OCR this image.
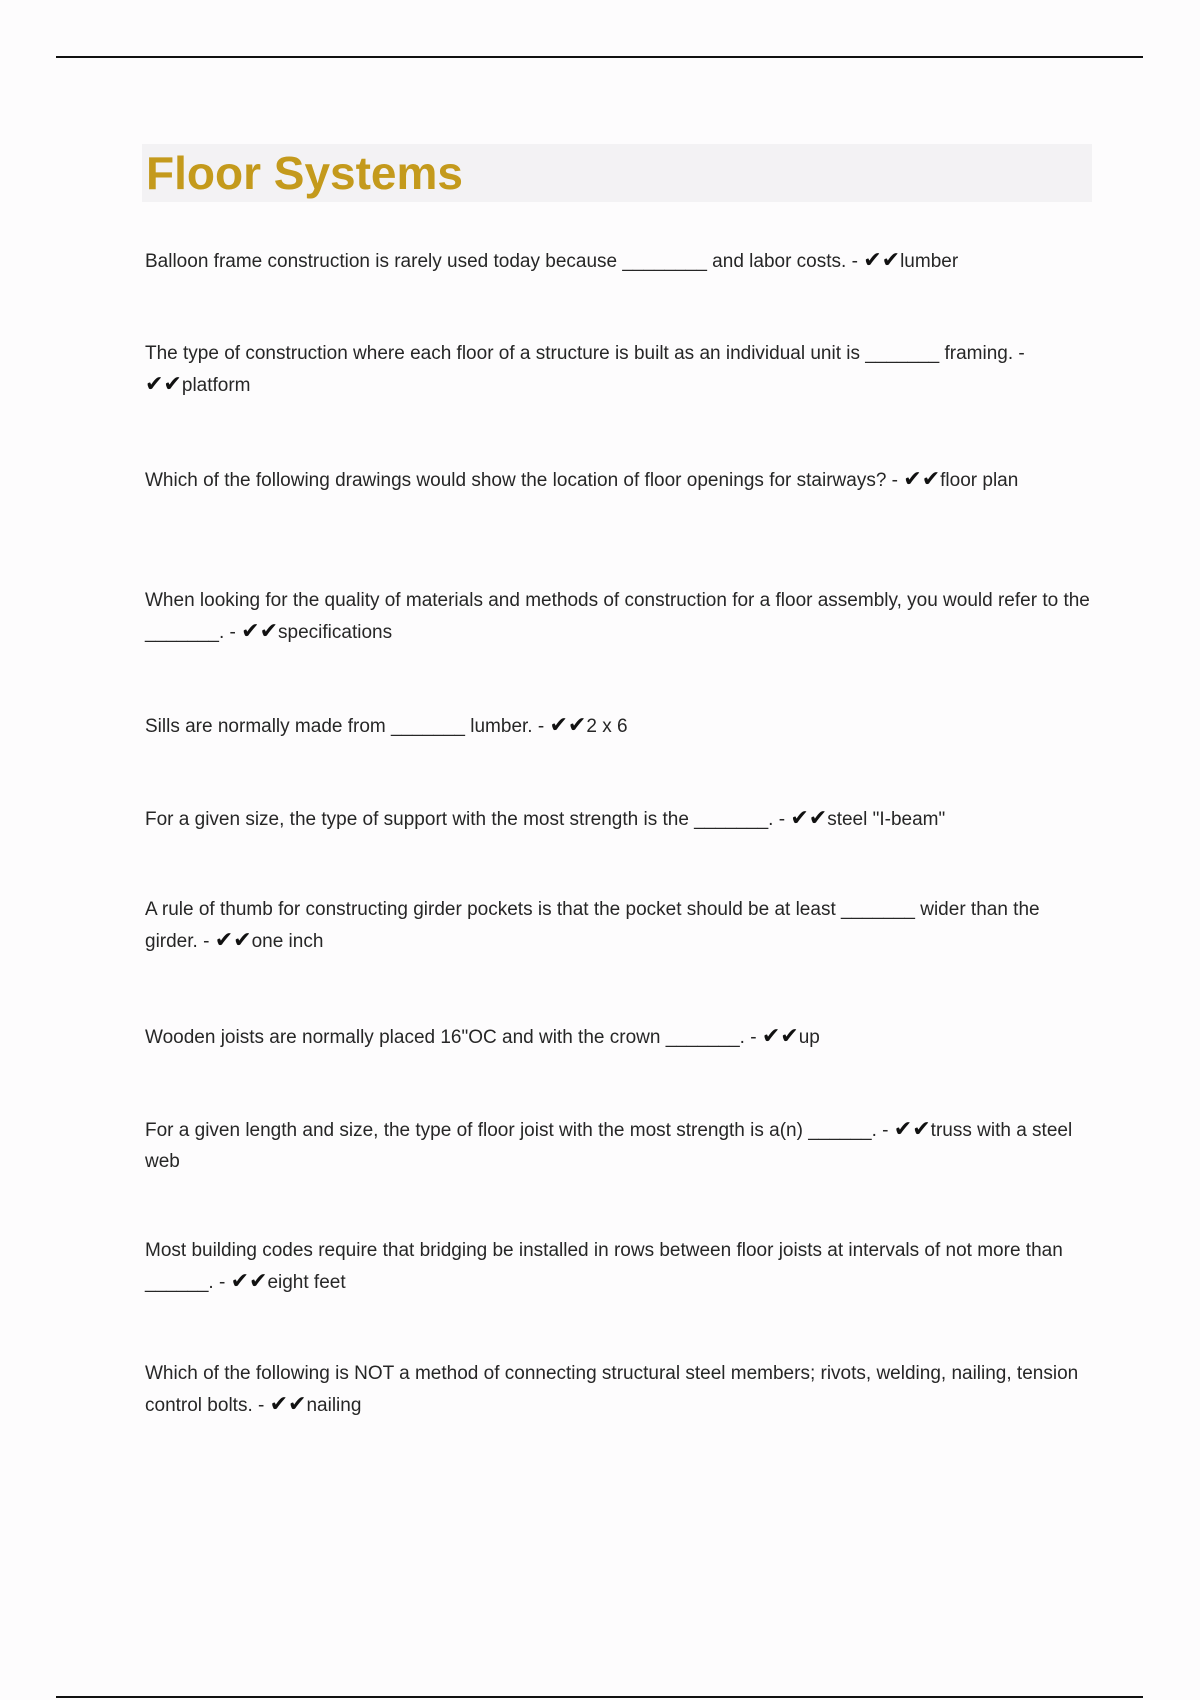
Floor Systems

Balloon frame construction is rarely used today because ________ and labor costs. - ✔✔lumber

The type of construction where each floor of a structure is built as an individual unit is _______ framing. - ✔✔platform

Which of the following drawings would show the location of floor openings for stairways? - ✔✔floor plan

When looking for the quality of materials and methods of construction for a floor assembly, you would refer to the _______. - ✔✔specifications

Sills are normally made from _______ lumber. - ✔✔2 x 6

For a given size, the type of support with the most strength is the _______. - ✔✔steel "I-beam"

A rule of thumb for constructing girder pockets is that the pocket should be at least _______ wider than the girder. - ✔✔one inch

Wooden joists are normally placed 16"OC and with the crown _______. - ✔✔up

For a given length and size, the type of floor joist with the most strength is a(n) ______. - ✔✔truss with a steel web

Most building codes require that bridging be installed in rows between floor joists at intervals of not more than ______. - ✔✔eight feet

Which of the following is NOT a method of connecting structural steel members; rivots, welding, nailing, tension control bolts. - ✔✔nailing
